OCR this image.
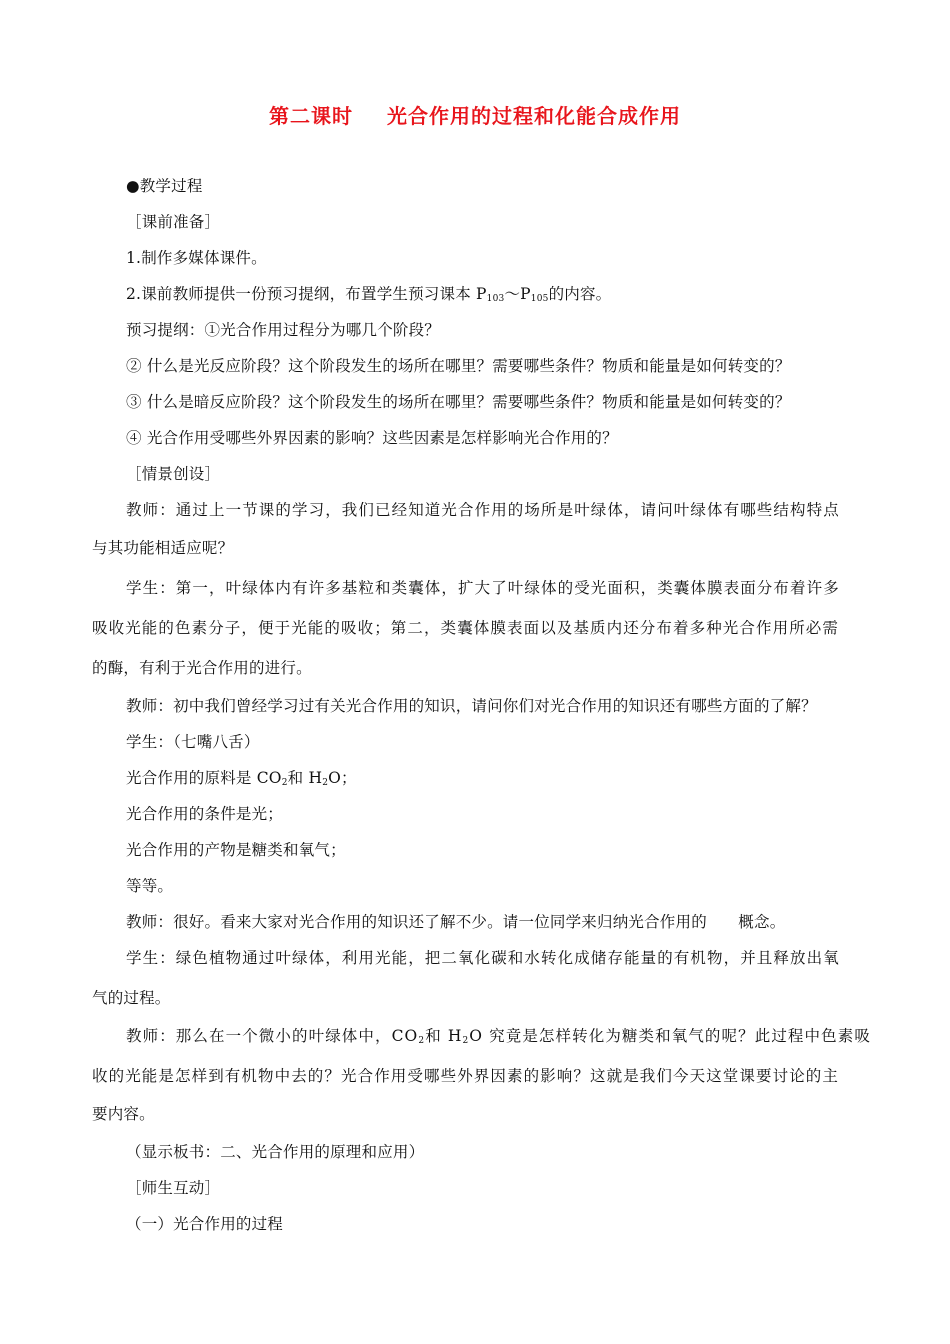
第二课时 光合作用的过程和化能合成作用
●教学过程
［课前准备］
1.制作多媒体课件。
2.课前教师提供一份预习提纲，布置学生预习课本 $P_{103}\sim P_{105}$的内容。
预习提纲：①光合作用过程分为哪几个阶段？
② 什么是光反应阶段？这个阶段发生的场所在哪里？需要哪些条件？物质和能量是如何转变的？
③ 什么是暗反应阶段？这个阶段发生的场所在哪里？需要哪些条件？物质和能量是如何转变的？
④ 光合作用受哪些外界因素的影响？这些因素是怎样影响光合作用的？
［情景创设］
教师：通过上一节课的学习，我们已经知道光合作用的场所是叶绿体，请问叶绿体有哪些结构特点
与其功能相适应呢？
学生：第一，叶绿体内有许多基粒和类囊体，扩大了叶绿体的受光面积，类囊体膜表面分布着许多
吸收光能的色素分子，便于光能的吸收；第二，类囊体膜表面以及基质内还分布着多种光合作用所必需
的酶，有利于光合作用的进行。
教师：初中我们曾经学习过有关光合作用的知识，请问你们对光合作用的知识还有哪些方面的了解？
学生：（七嘴八舌）
光合作用的原料是 $CO_2$和 $H_2O$；
光合作用的条件是光；
光合作用的产物是糖类和氧气；
等等。
教师：很好。看来大家对光合作用的知识还了解不少。请一位同学来归纳光合作用的　　概念。
学生：绿色植物通过叶绿体，利用光能，把二氧化碳和水转化成储存能量的有机物，并且释放出氧
气的过程。
教师：那么在一个微小的叶绿体中，$CO_2$和 $H_2O$ 究竟是怎样转化为糖类和氧气的呢？此过程中色素吸
收的光能是怎样到有机物中去的？光合作用受哪些外界因素的影响？这就是我们今天这堂课要讨论的主
要内容。
（显示板书：二、光合作用的原理和应用）
［师生互动］
（一）光合作用的过程
